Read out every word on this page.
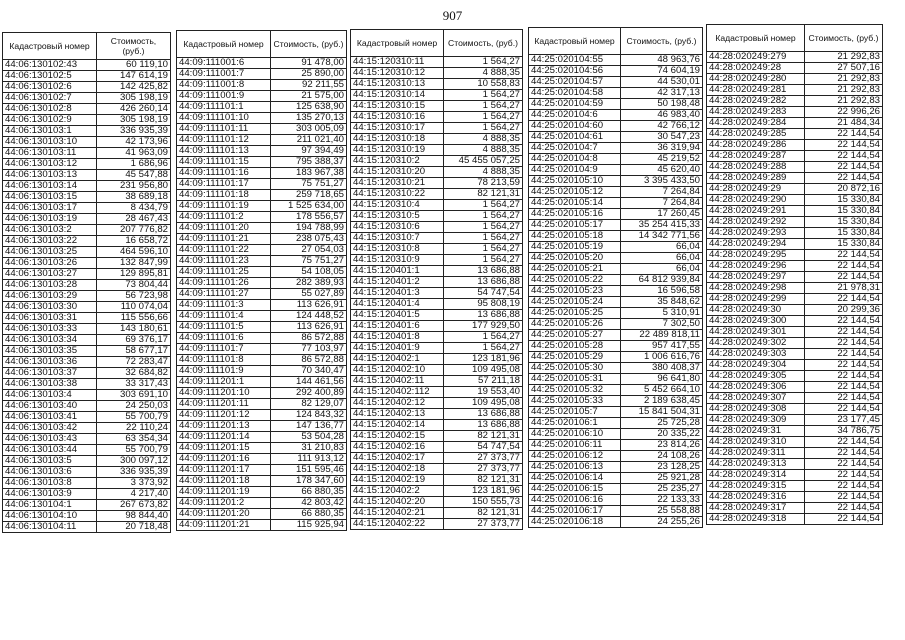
907
Кадастровый номер	Стоимость, (руб.)
44:06:130102:43	60 119,10
44:06:130102:5	147 614,19
44:06:130102:6	142 425,82
44:06:130102:7	305 198,19
44:06:130102:8	426 260,14
44:06:130102:9	305 198,19
44:06:130103:1	336 935,39
44:06:130103:10	42 173,96
44:06:130103:11	41 963,09
44:06:130103:12	1 686,96
44:06:130103:13	45 547,88
44:06:130103:14	231 956,80
44:06:130103:15	38 689,18
44:06:130103:17	8 434,79
44:06:130103:19	28 467,43
44:06:130103:2	207 776,82
44:06:130103:22	16 658,72
44:06:130103:25	464 596,10
44:06:130103:26	132 847,99
44:06:130103:27	129 895,81
44:06:130103:28	73 804,44
44:06:130103:29	56 723,98
44:06:130103:30	110 074,04
44:06:130103:31	115 556,66
44:06:130103:33	143 180,61
44:06:130103:34	69 376,17
44:06:130103:35	58 677,17
44:06:130103:36	72 283,47
44:06:130103:37	32 684,82
44:06:130103:38	33 317,43
44:06:130103:4	303 691,10
44:06:130103:40	24 250,03
44:06:130103:41	55 700,79
44:06:130103:42	22 110,24
44:06:130103:43	63 354,34
44:06:130103:44	55 700,79
44:06:130103:5	300 097,12
44:06:130103:6	336 935,39
44:06:130103:8	3 373,92
44:06:130103:9	4 217,40
44:06:130104:1	267 673,82
44:06:130104:10	98 844,40
44:06:130104:11	20 718,48
Кадастровый номер	Стоимость, (руб.)
44:09:111001:6	91 478,00
44:09:111001:7	25 890,00
44:09:111001:8	92 211,55
44:09:111001:9	21 575,00
44:09:111101:1	125 638,90
44:09:111101:10	135 270,13
44:09:111101:11	303 005,09
44:09:111101:12	211 021,40
44:09:111101:13	97 394,49
44:09:111101:15	795 388,37
44:09:111101:16	183 967,38
44:09:111101:17	75 751,27
44:09:111101:18	259 718,65
44:09:111101:19	1 525 634,00
44:09:111101:2	178 556,57
44:09:111101:20	194 788,99
44:09:111101:21	238 075,43
44:09:111101:22	27 054,03
44:09:111101:23	75 751,27
44:09:111101:25	54 108,05
44:09:111101:26	282 389,93
44:09:111101:27	55 027,89
44:09:111101:3	113 626,91
44:09:111101:4	124 448,52
44:09:111101:5	113 626,91
44:09:111101:6	86 572,88
44:09:111101:7	77 103,97
44:09:111101:8	86 572,88
44:09:111101:9	70 340,47
44:09:111201:1	144 461,56
44:09:111201:10	292 400,89
44:09:111201:11	82 129,07
44:09:111201:12	124 843,32
44:09:111201:13	147 136,77
44:09:111201:14	53 504,28
44:09:111201:15	31 210,83
44:09:111201:16	111 913,12
44:09:111201:17	151 595,46
44:09:111201:18	178 347,60
44:09:111201:19	66 880,35
44:09:111201:2	42 803,42
44:09:111201:20	66 880,35
44:09:111201:21	115 925,94
Кадастровый номер	Стоимость, (руб.)
44:15:120310:11	1 564,27
44:15:120310:12	4 888,35
44:15:120310:13	10 558,83
44:15:120310:14	1 564,27
44:15:120310:15	1 564,27
44:15:120310:16	1 564,27
44:15:120310:17	1 564,27
44:15:120310:18	4 888,35
44:15:120310:19	4 888,35
44:15:120310:2	45 455 057,25
44:15:120310:20	4 888,35
44:15:120310:21	78 213,59
44:15:120310:22	82 121,31
44:15:120310:4	1 564,27
44:15:120310:5	1 564,27
44:15:120310:6	1 564,27
44:15:120310:7	1 564,27
44:15:120310:8	1 564,27
44:15:120310:9	1 564,27
44:15:120401:1	13 686,88
44:15:120401:2	13 686,88
44:15:120401:3	54 747,54
44:15:120401:4	95 808,19
44:15:120401:5	13 686,88
44:15:120401:6	177 929,50
44:15:120401:8	1 564,27
44:15:120401:9	1 564,27
44:15:120402:1	123 181,96
44:15:120402:10	109 495,08
44:15:120402:11	57 211,18
44:15:120402:112	19 553,40
44:15:120402:12	109 495,08
44:15:120402:13	13 686,88
44:15:120402:14	13 686,88
44:15:120402:15	82 121,31
44:15:120402:16	54 747,54
44:15:120402:17	27 373,77
44:15:120402:18	27 373,77
44:15:120402:19	82 121,31
44:15:120402:2	123 181,96
44:15:120402:20	150 555,73
44:15:120402:21	82 121,31
44:15:120402:22	27 373,77
Кадастровый номер	Стоимость, (руб.)
44:25:020104:55	48 963,76
44:25:020104:56	74 604,19
44:25:020104:57	44 530,01
44:25:020104:58	42 317,13
44:25:020104:59	50 198,48
44:25:020104:6	46 983,40
44:25:020104:60	42 766,12
44:25:020104:61	30 547,23
44:25:020104:7	36 319,94
44:25:020104:8	45 219,52
44:25:020104:9	45 620,40
44:25:020105:10	3 395 433,50
44:25:020105:12	7 264,84
44:25:020105:14	7 264,84
44:25:020105:16	17 260,45
44:25:020105:17	35 254 415,33
44:25:020105:18	14 342 771,56
44:25:020105:19	66,04
44:25:020105:20	66,04
44:25:020105:21	66,04
44:25:020105:22	64 812 939,84
44:25:020105:23	16 596,58
44:25:020105:24	35 848,62
44:25:020105:25	5 310,91
44:25:020105:26	7 302,50
44:25:020105:27	22 489 818,11
44:25:020105:28	957 417,55
44:25:020105:29	1 006 616,76
44:25:020105:30	380 408,37
44:25:020105:31	96 641,80
44:25:020105:32	5 452 664,10
44:25:020105:33	2 189 638,45
44:25:020105:7	15 841 504,31
44:25:020106:1	25 725,28
44:25:020106:10	20 335,22
44:25:020106:11	23 814,26
44:25:020106:12	24 108,26
44:25:020106:13	23 128,25
44:25:020106:14	25 921,28
44:25:020106:15	25 235,27
44:25:020106:16	22 133,33
44:25:020106:17	25 558,88
44:25:020106:18	24 255,26
Кадастровый номер	Стоимость, (руб.)
44:28:020249:279	21 292,83
44:28:020249:28	27 507,16
44:28:020249:280	21 292,83
44:28:020249:281	21 292,83
44:28:020249:282	21 292,83
44:28:020249:283	22 996,26
44:28:020249:284	21 484,34
44:28:020249:285	22 144,54
44:28:020249:286	22 144,54
44:28:020249:287	22 144,54
44:28:020249:288	22 144,54
44:28:020249:289	22 144,54
44:28:020249:29	20 872,16
44:28:020249:290	15 330,84
44:28:020249:291	15 330,84
44:28:020249:292	15 330,84
44:28:020249:293	15 330,84
44:28:020249:294	15 330,84
44:28:020249:295	22 144,54
44:28:020249:296	22 144,54
44:28:020249:297	22 144,54
44:28:020249:298	21 978,31
44:28:020249:299	22 144,54
44:28:020249:30	20 299,36
44:28:020249:300	22 144,54
44:28:020249:301	22 144,54
44:28:020249:302	22 144,54
44:28:020249:303	22 144,54
44:28:020249:304	22 144,54
44:28:020249:305	22 144,54
44:28:020249:306	22 144,54
44:28:020249:307	22 144,54
44:28:020249:308	22 144,54
44:28:020249:309	23 177,45
44:28:020249:31	34 786,75
44:28:020249:310	22 144,54
44:28:020249:311	22 144,54
44:28:020249:313	22 144,54
44:28:020249:314	22 144,54
44:28:020249:315	22 144,54
44:28:020249:316	22 144,54
44:28:020249:317	22 144,54
44:28:020249:318	22 144,54
